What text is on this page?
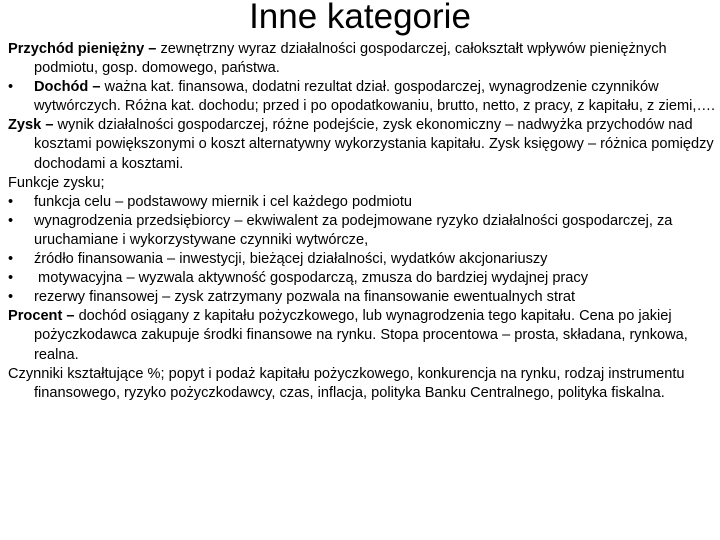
Inne kategorie

Przychód pieniężny – zewnętrzny wyraz działalności gospodarczej, całokształt wpływów pieniężnych podmiotu, gosp. domowego, państwa.

• Dochód – ważna kat. finansowa, dodatni rezultat dział. gospodarczej, wynagrodzenie czynników wytwórczych. Różna kat. dochodu; przed i po opodatkowaniu, brutto, netto, z pracy, z kapitału, z ziemi,….

Zysk – wynik działalności gospodarczej, różne podejście, zysk ekonomiczny – nadwyżka przychodów nad kosztami powiększonymi o koszt alternatywny wykorzystania kapitału. Zysk księgowy – różnica pomiędzy dochodami a kosztami.

Funkcje zysku;

• funkcja celu – podstawowy miernik i cel każdego podmiotu

• wynagrodzenia przedsiębiorcy – ekwiwalent za podejmowane ryzyko działalności gospodarczej, za uruchamiane i wykorzystywane czynniki wytwórcze,

• źródło finansowania – inwestycji, bieżącej działalności, wydatków akcjonariuszy

• motywacyjna – wyzwala aktywność gospodarczą, zmusza do bardziej wydajnej pracy

• rezerwy finansowej – zysk zatrzymany pozwala na finansowanie ewentualnych strat

Procent – dochód osiągany z kapitału pożyczkowego, lub wynagrodzenia tego kapitału. Cena po jakiej pożyczkodawca zakupuje środki finansowe na rynku. Stopa procentowa – prosta, składana, rynkowa, realna.

Czynniki kształtujące %; popyt i podaż kapitału pożyczkowego, konkurencja na rynku, rodzaj instrumentu finansowego, ryzyko pożyczkodawcy, czas, inflacja, polityka Banku Centralnego, polityka fiskalna.
